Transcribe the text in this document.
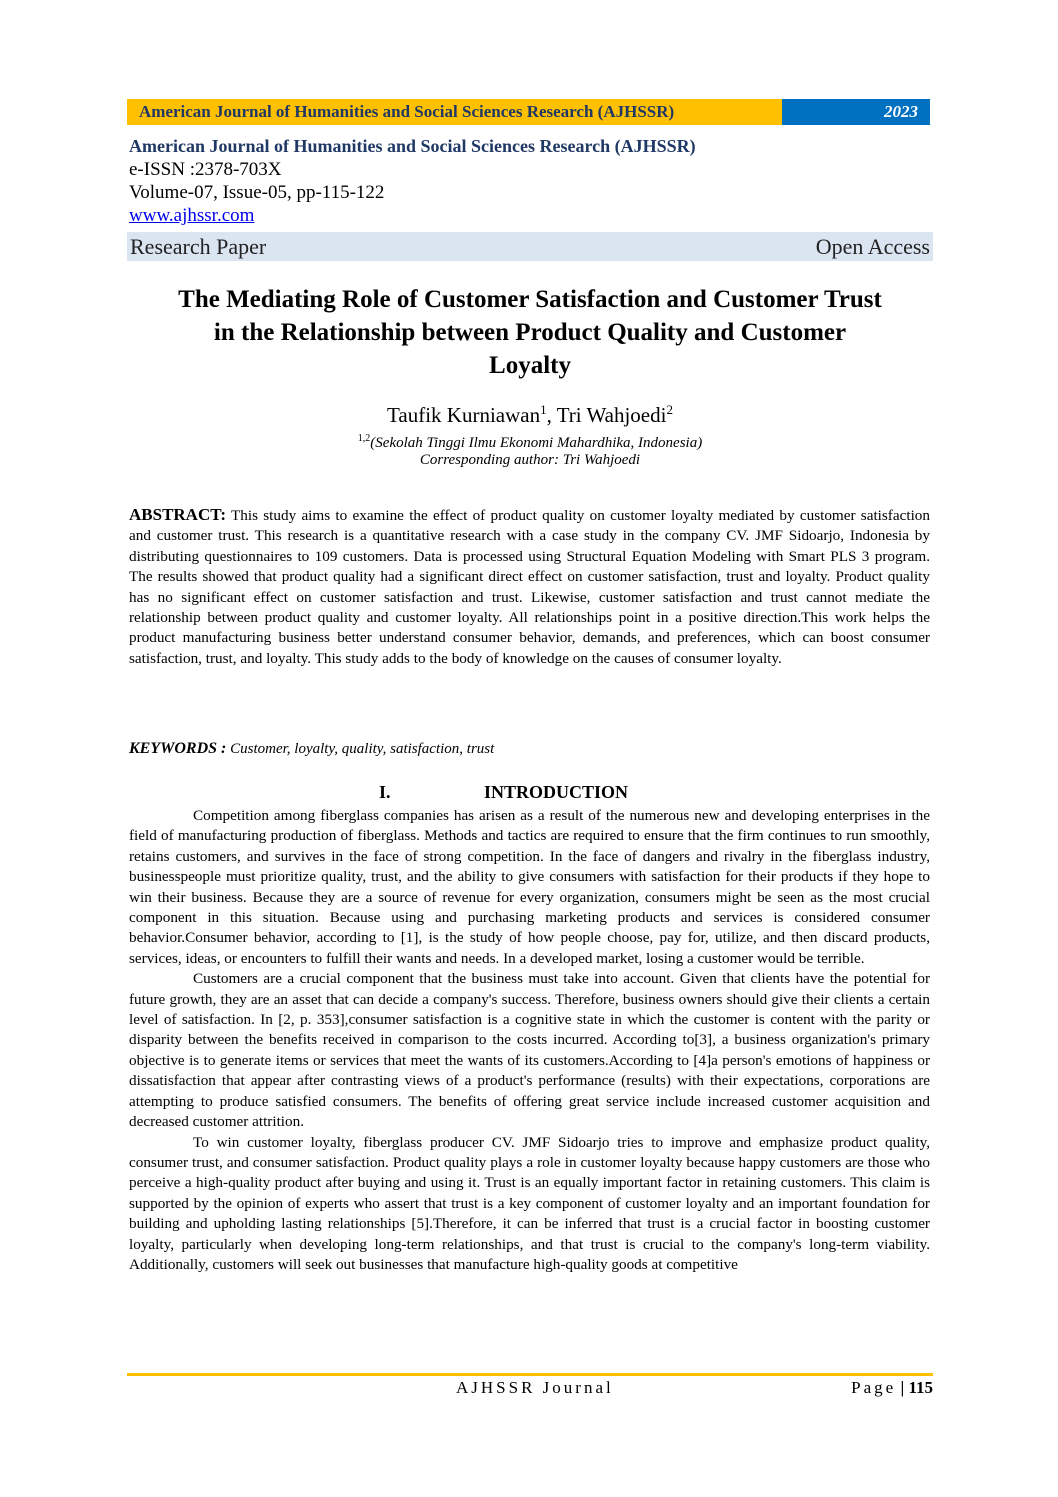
American Journal of Humanities and Social Sciences Research (AJHSSR)	2023
American Journal of Humanities and Social Sciences Research (AJHSSR)
e-ISSN :2378-703X
Volume-07, Issue-05, pp-115-122
www.ajhssr.com
Research Paper	Open Access
The Mediating Role of Customer Satisfaction and Customer Trust
in the Relationship between Product Quality and Customer
Loyalty
Taufik Kurniawan$^1$, Tri Wahjoedi$^2$
$^{1,2}$(Sekolah Tinggi Ilmu Ekonomi Mahardhika, Indonesia)
Corresponding author: Tri Wahjoedi
ABSTRACT: This study aims to examine the effect of product quality on customer loyalty mediated by customer satisfaction and customer trust. This research is a quantitative research with a case study in the company CV. JMF Sidoarjo, Indonesia by distributing questionnaires to 109 customers. Data is processed using Structural Equation Modeling with Smart PLS 3 program. The results showed that product quality had a significant direct effect on customer satisfaction, trust and loyalty. Product quality has no significant effect on customer satisfaction and trust. Likewise, customer satisfaction and trust cannot mediate the relationship between product quality and customer loyalty. All relationships point in a positive direction.This work helps the product manufacturing business better understand consumer behavior, demands, and preferences, which can boost consumer satisfaction, trust, and loyalty. This study adds to the body of knowledge on the causes of consumer loyalty.
KEYWORDS : Customer, loyalty, quality, satisfaction, trust
I.	INTRODUCTION

Competition among fiberglass companies has arisen as a result of the numerous new and developing enterprises in the field of manufacturing production of fiberglass. Methods and tactics are required to ensure that the firm continues to run smoothly, retains customers, and survives in the face of strong competition. In the face of dangers and rivalry in the fiberglass industry, businesspeople must prioritize quality, trust, and the ability to give consumers with satisfaction for their products if they hope to win their business. Because they are a source of revenue for every organization, consumers might be seen as the most crucial component in this situation. Because using and purchasing marketing products and services is considered consumer behavior.Consumer behavior, according to [1], is the study of how people choose, pay for, utilize, and then discard products, services, ideas, or encounters to fulfill their wants and needs. In a developed market, losing a customer would be terrible.

Customers are a crucial component that the business must take into account. Given that clients have the potential for future growth, they are an asset that can decide a company's success. Therefore, business owners should give their clients a certain level of satisfaction. In [2, p. 353],consumer satisfaction is a cognitive state in which the customer is content with the parity or disparity between the benefits received in comparison to the costs incurred. According to[3], a business organization's primary objective is to generate items or services that meet the wants of its customers.According to [4]a person's emotions of happiness or dissatisfaction that appear after contrasting views of a product's performance (results) with their expectations, corporations are attempting to produce satisfied consumers. The benefits of offering great service include increased customer acquisition and decreased customer attrition.

To win customer loyalty, fiberglass producer CV. JMF Sidoarjo tries to improve and emphasize product quality, consumer trust, and consumer satisfaction. Product quality plays a role in customer loyalty because happy customers are those who perceive a high-quality product after buying and using it. Trust is an equally important factor in retaining customers. This claim is supported by the opinion of experts who assert that trust is a key component of customer loyalty and an important foundation for building and upholding lasting relationships [5].Therefore, it can be inferred that trust is a crucial factor in boosting customer loyalty, particularly when developing long-term relationships, and that trust is crucial to the company's long-term viability. Additionally, customers will seek out businesses that manufacture high-quality goods at competitive

AJHSSR Journal	Page | 115
